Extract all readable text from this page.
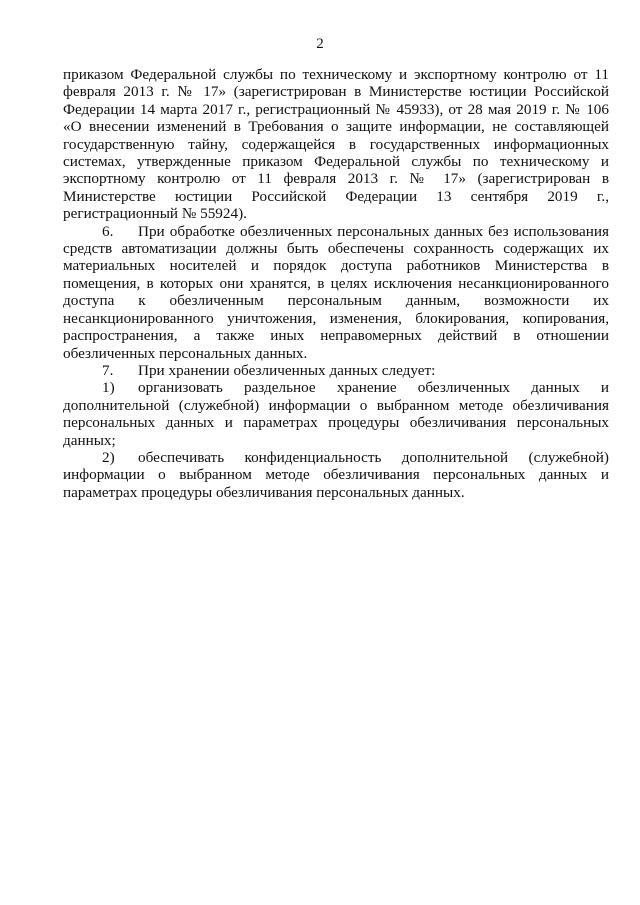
2

приказом Федеральной службы по техническому и экспортному контролю от 11 февраля 2013 г. № 17» (зарегистрирован в Министерстве юстиции Российской Федерации 14 марта 2017 г., регистрационный № 45933), от 28 мая 2019 г. № 106 «О внесении изменений в Требования о защите информации, не составляющей государственную тайну, содержащейся в государственных информационных системах, утвержденные приказом Федеральной службы по техническому и экспортному контролю от 11 февраля 2013 г. № 17» (зарегистрирован в Министерстве юстиции Российской Федерации 13 сентября 2019 г., регистрационный № 55924).

6. При обработке обезличенных персональных данных без использования средств автоматизации должны быть обеспечены сохранность содержащих их материальных носителей и порядок доступа работников Министерства в помещения, в которых они хранятся, в целях исключения несанкционированного доступа к обезличенным персональным данным, возможности их несанкционированного уничтожения, изменения, блокирования, копирования, распространения, а также иных неправомерных действий в отношении обезличенных персональных данных.

7. При хранении обезличенных данных следует:

1) организовать раздельное хранение обезличенных данных и дополнительной (служебной) информации о выбранном методе обезличивания персональных данных и параметрах процедуры обезличивания персональных данных;

2) обеспечивать конфиденциальность дополнительной (служебной) информации о выбранном методе обезличивания персональных данных и параметрах процедуры обезличивания персональных данных.
